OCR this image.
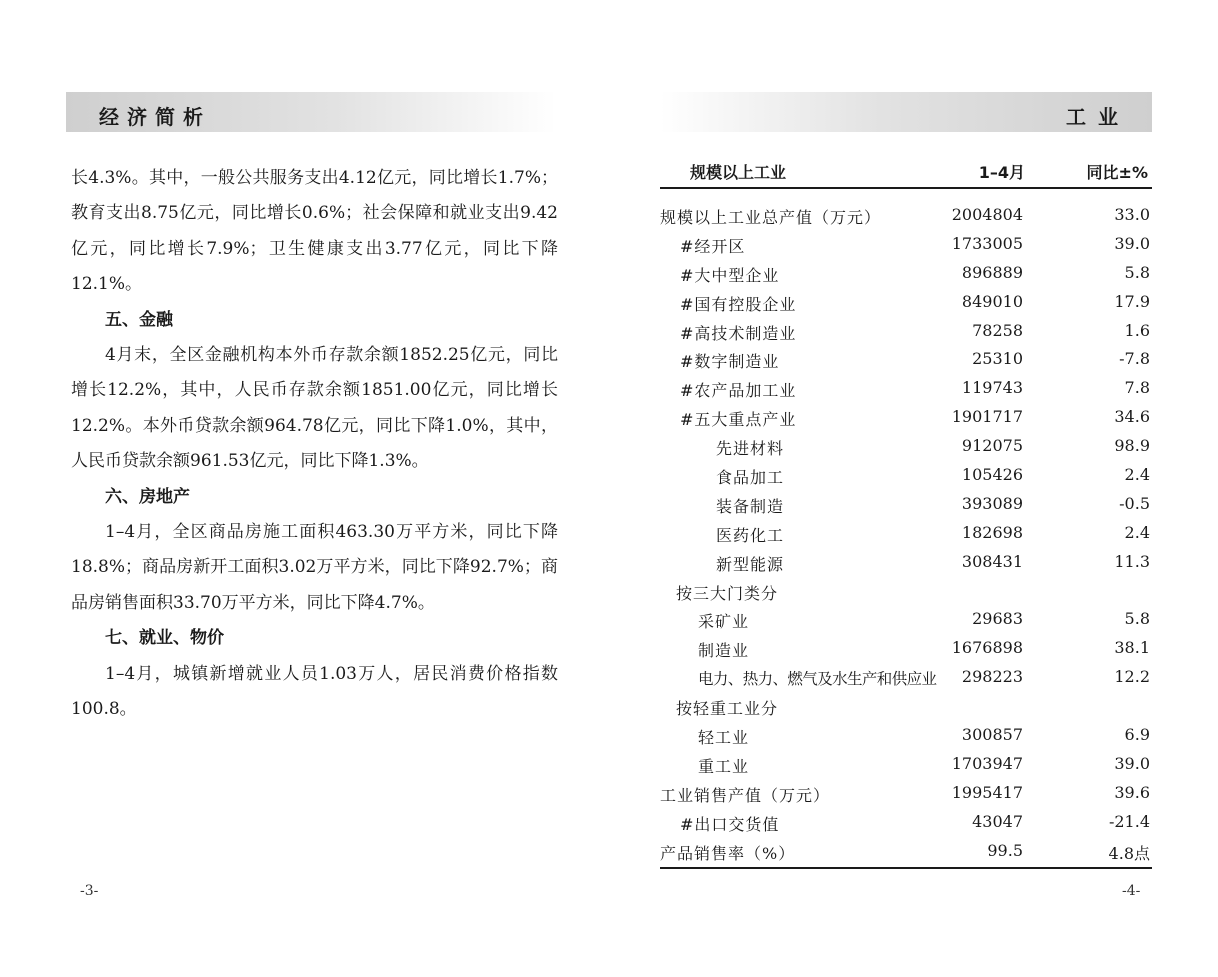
经济简析	工业

长4.3%。其中，一般公共服务支出4.12亿元，同比增长1.7%；教育支出8.75亿元，同比增长0.6%；社会保障和就业支出9.42亿元，同比增长7.9%；卫生健康支出3.77亿元，同比下降12.1%。

五、金融

4月末，全区金融机构本外币存款余额1852.25亿元，同比增长12.2%，其中，人民币存款余额1851.00亿元，同比增长12.2%。本外币贷款余额964.78亿元，同比下降1.0%，其中，人民币贷款余额961.53亿元，同比下降1.3%。

六、房地产

1–4月，全区商品房施工面积463.30万平方米，同比下降18.8%；商品房新开工面积3.02万平方米，同比下降92.7%；商品房销售面积33.70万平方米，同比下降4.7%。

七、就业、物价

1–4月，城镇新增就业人员1.03万人，居民消费价格指数100.8。

规模以上工业	1–4月	同比±%
规模以上工业总产值（万元）	2004804	33.0
#经开区	1733005	39.0
#大中型企业	896889	5.8
#国有控股企业	849010	17.9
#高技术制造业	78258	1.6
#数字制造业	25310	-7.8
#农产品加工业	119743	7.8
#五大重点产业	1901717	34.6
先进材料	912075	98.9
食品加工	105426	2.4
装备制造	393089	-0.5
医药化工	182698	2.4
新型能源	308431	11.3
按三大门类分
采矿业	29683	5.8
制造业	1676898	38.1
电力、热力、燃气及水生产和供应业 298223	12.2
按轻重工业分
轻工业	300857	6.9
重工业	1703947	39.0
工业销售产值（万元）	1995417	39.6
#出口交货值	43047	-21.4
产品销售率（%）	99.5	4.8点
-3-	-4-
